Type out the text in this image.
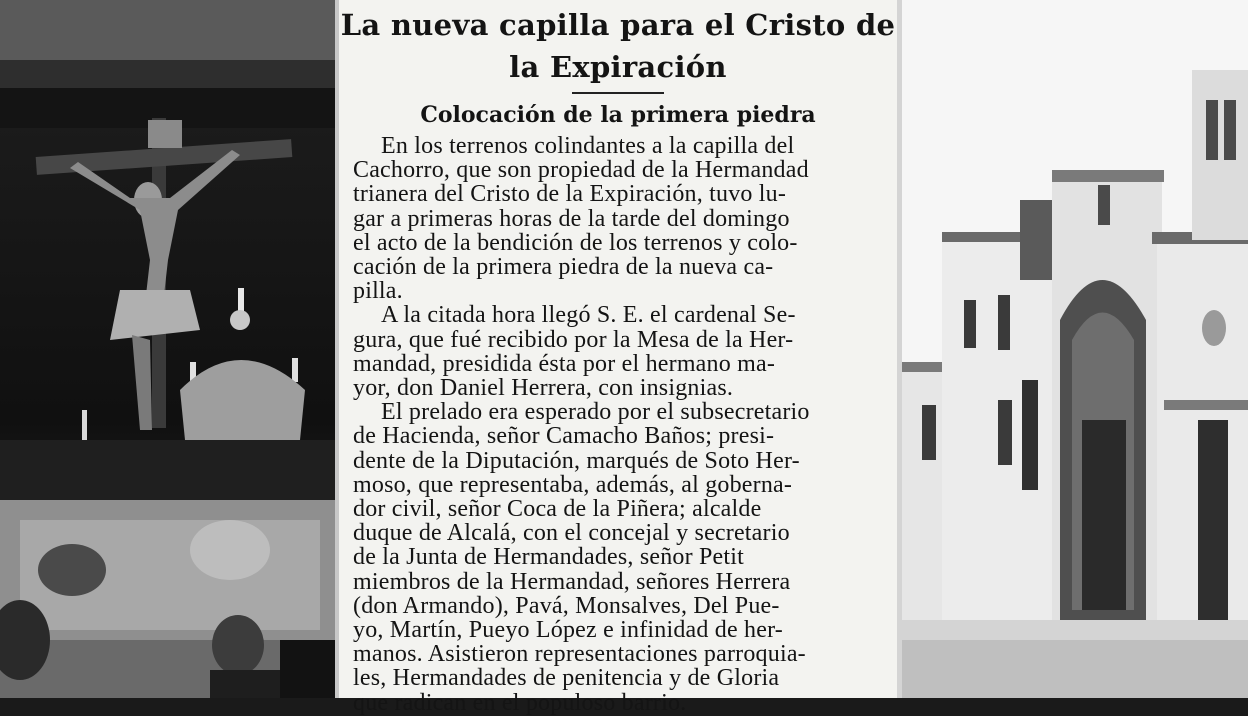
La nueva capilla para el Cristo de
la Expiración
Colocación de la primera piedra

En los terrenos colindantes a la capilla del
Cachorro, que son propiedad de la Hermandad
trianera del Cristo de la Expiración, tuvo lu-
gar a primeras horas de la tarde del domingo
el acto de la bendición de los terrenos y colo-
cación de la primera piedra de la nueva ca-
pilla.

A la citada hora llegó S. E. el cardenal Se-
gura, que fué recibido por la Mesa de la Her-
mandad, presidida ésta por el hermano ma-
yor, don Daniel Herrera, con insignias.

El prelado era esperado por el subsecretario
de Hacienda, señor Camacho Baños; presi-
dente de la Diputación, marqués de Soto Her-
moso, que representaba, además, al goberna-
dor civil, señor Coca de la Piñera; alcalde
duque de Alcalá, con el concejal y secretario
de la Junta de Hermandades, señor Petit
miembros de la Hermandad, señores Herrera
(don Armando), Pavá, Monsalves, Del Pue-
yo, Martín, Pueyo López e infinidad de her-
manos. Asistieron representaciones parroquia-
les, Hermandades de penitencia y de Gloria
que radican en el populoso barrio.
